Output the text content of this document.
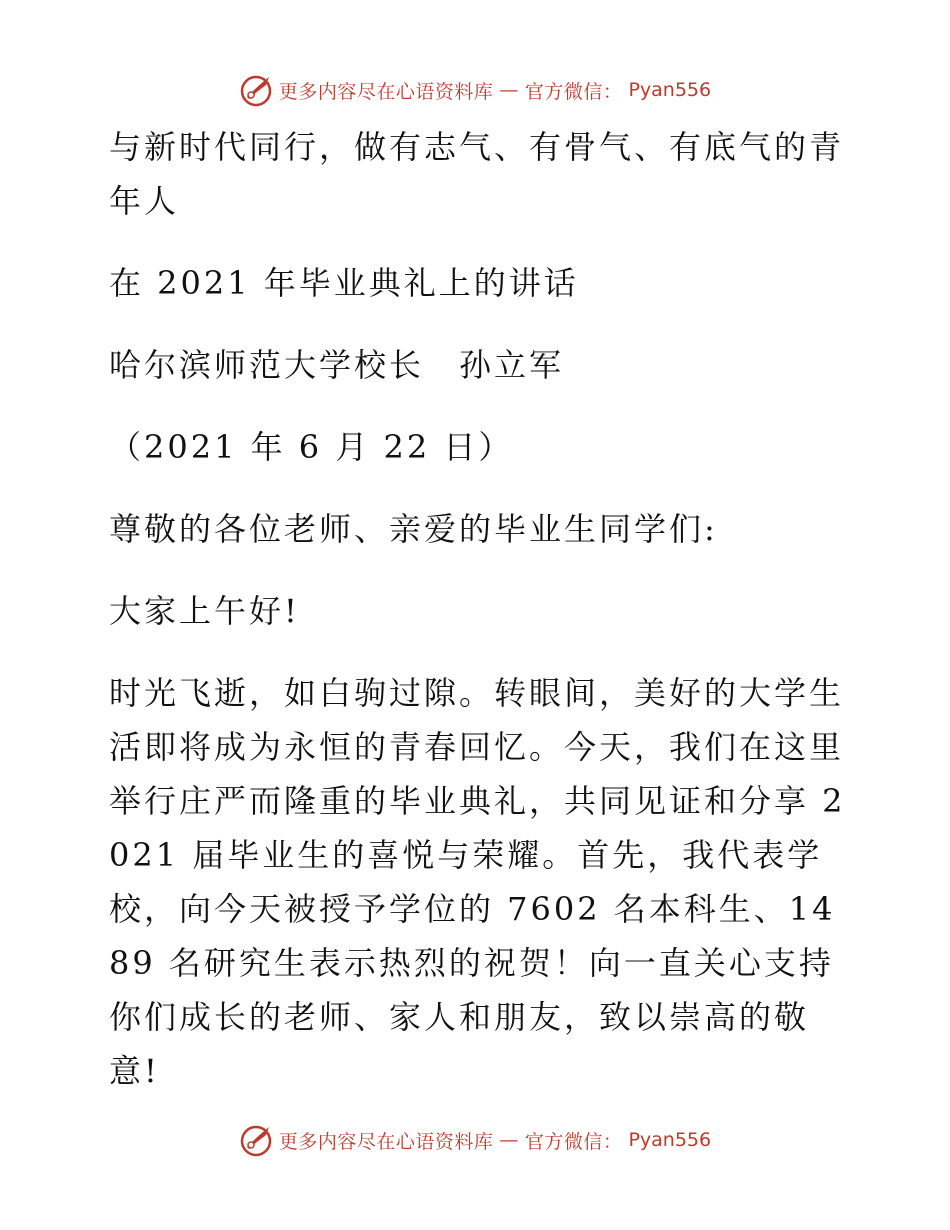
更多内容尽在心语资料库 — 官方微信： Pyan556

与新时代同行，做有志气、有骨气、有底气的青年人

在 2021 年毕业典礼上的讲话

哈尔滨师范大学校长　孙立军

（2021 年 6 月 22 日）

尊敬的各位老师、亲爱的毕业生同学们:

大家上午好!

时光飞逝，如白驹过隙。转眼间，美好的大学生活即将成为永恒的青春回忆。今天，我们在这里举行庄严而隆重的毕业典礼，共同见证和分享 2021 届毕业生的喜悦与荣耀。首先，我代表学校，向今天被授予学位的 7602 名本科生、1489 名研究生表示热烈的祝贺！向一直关心支持你们成长的老师、家人和朋友，致以崇高的敬意!

更多内容尽在心语资料库 — 官方微信： Pyan556
